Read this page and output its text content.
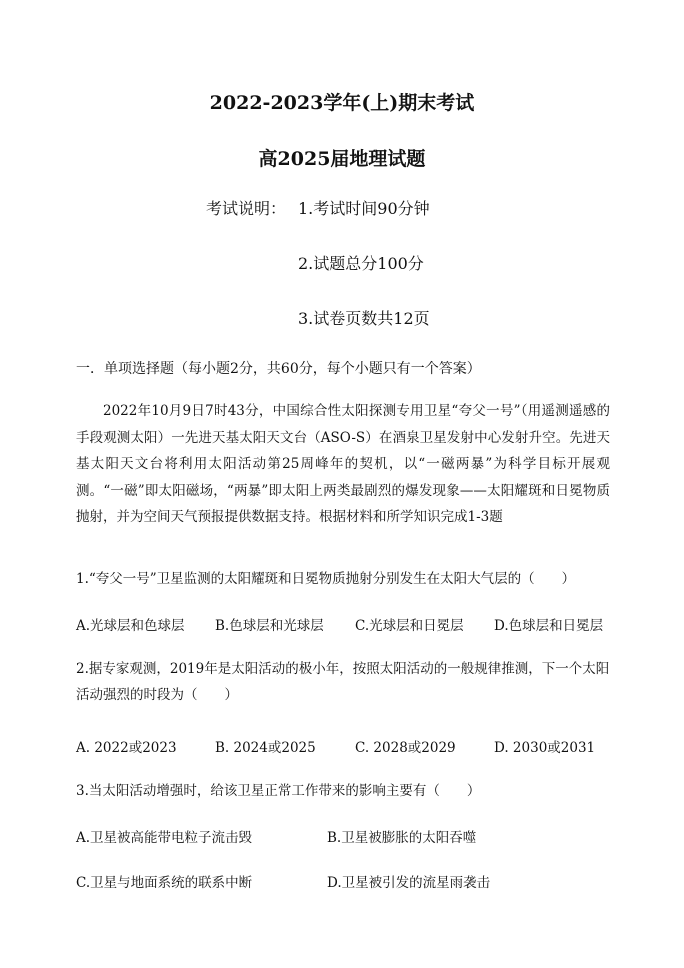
2022-2023学年(上)期末考试
高2025届地理试题
考试说明： 1.考试时间90分钟
2.试题总分100分
3.试卷页数共12页
一．单项选择题（每小题2分，共60分，每个小题只有一个答案）

2022年10月9日7时43分，中国综合性太阳探测专用卫星“夸父一号”（用遥测遥感的手段观测太阳）一先进天基太阳天文台（ASO-S）在酒泉卫星发射中心发射升空。先进天基太阳天文台将利用太阳活动第25周峰年的契机，以“一磁两暴”为科学目标开展观测。“一磁”即太阳磁场，“两暴”即太阳上两类最剧烈的爆发现象——太阳耀斑和日冕物质抛射，并为空间天气预报提供数据支持。根据材料和所学知识完成1-3题

1.“夸父一号”卫星监测的太阳耀斑和日冕物质抛射分别发生在太阳大气层的（　　）
A.光球层和色球层 B.色球层和光球层 C.光球层和日冕层 D.色球层和日冕层
2.据专家观测，2019年是太阳活动的极小年，按照太阳活动的一般规律推测，下一个太阳活动强烈的时段为（　　）
A. 2022或2023	B. 2024或2025	C. 2028或2029	D. 2030或2031
3.当太阳活动增强时，给该卫星正常工作带来的影响主要有（　　）
A.卫星被高能带电粒子流击毁	B.卫星被膨胀的太阳吞噬
C.卫星与地面系统的联系中断	D.卫星被引发的流星雨袭击
